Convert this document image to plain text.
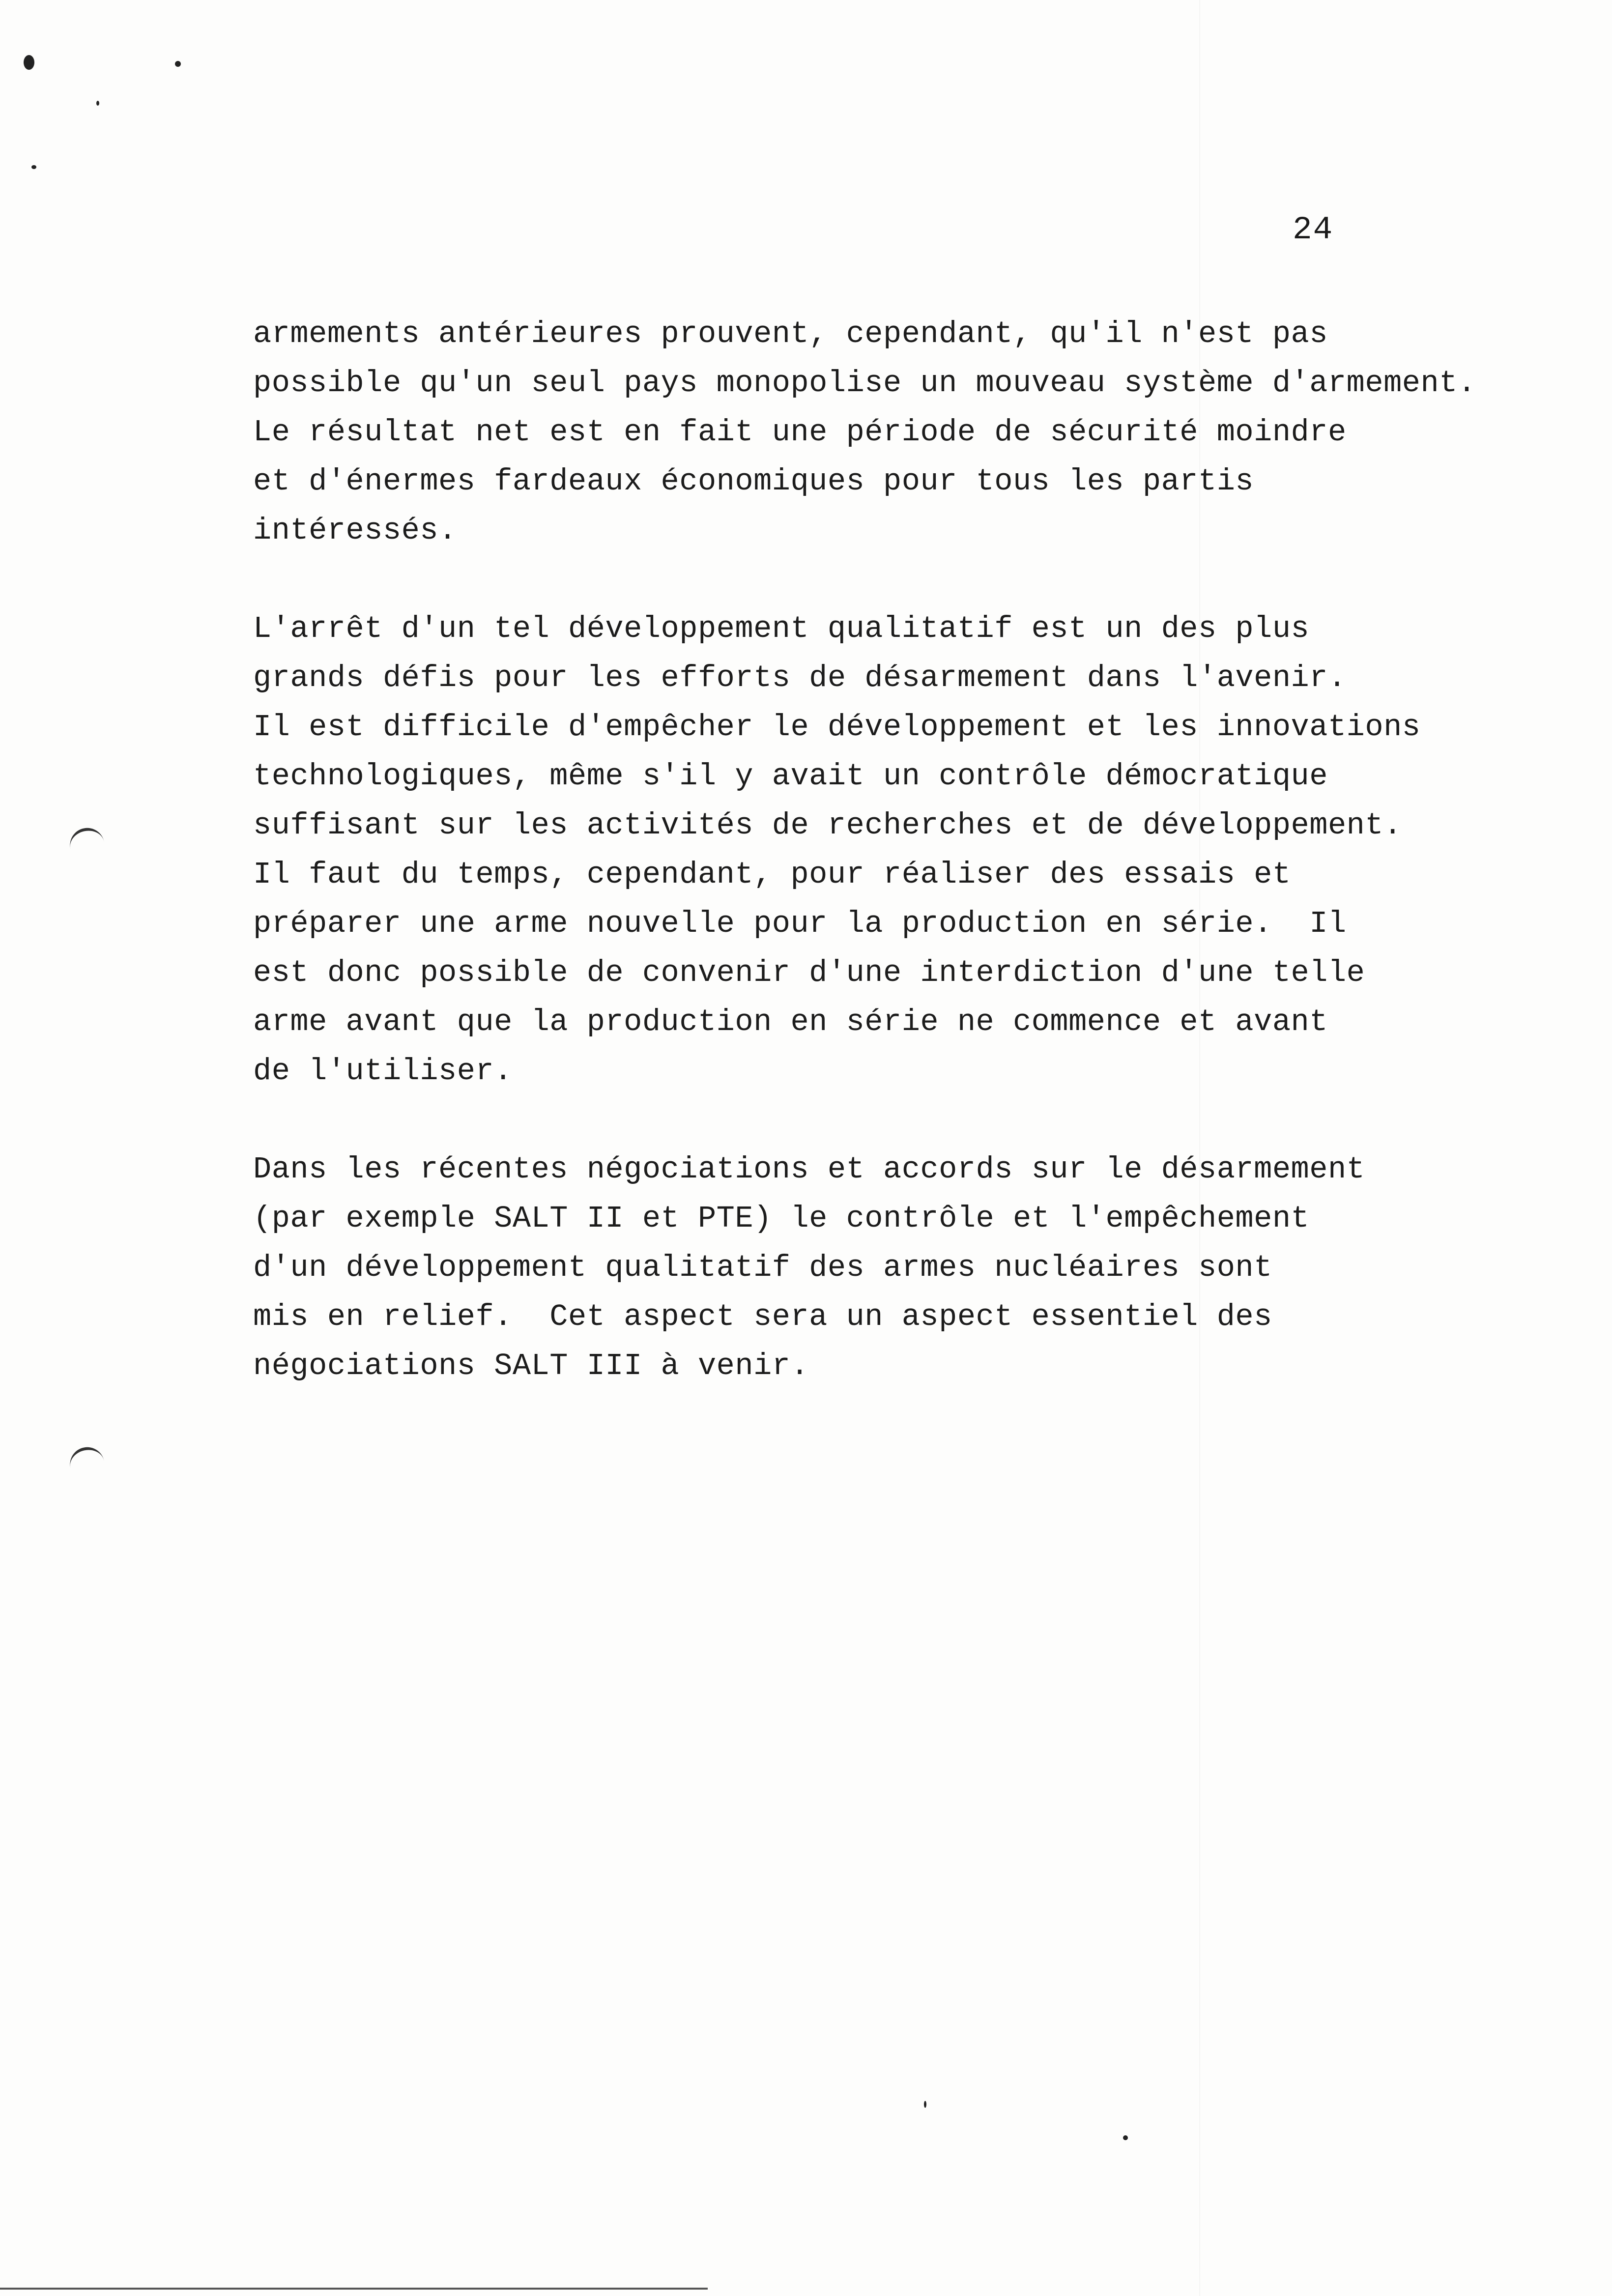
24
armements antérieures prouvent, cependant, qu'il n'est pas
possible qu'un seul pays monopolise un mouveau système d'armement.
Le résultat net est en fait une période de sécurité moindre
et d'énermes fardeaux économiques pour tous les partis
intéressés.
L'arrêt d'un tel développement qualitatif est un des plus
grands défis pour les efforts de désarmement dans l'avenir.
Il est difficile d'empêcher le développement et les innovations
technologiques, même s'il y avait un contrôle démocratique
suffisant sur les activités de recherches et de développement.
Il faut du temps, cependant, pour réaliser des essais et
préparer une arme nouvelle pour la production en série.  Il
est donc possible de convenir d'une interdiction d'une telle
arme avant que la production en série ne commence et avant
de l'utiliser.
Dans les récentes négociations et accords sur le désarmement
(par exemple SALT II et PTE) le contrôle et l'empêchement
d'un développement qualitatif des armes nucléaires sont
mis en relief.  Cet aspect sera un aspect essentiel des
négociations SALT III à venir.
